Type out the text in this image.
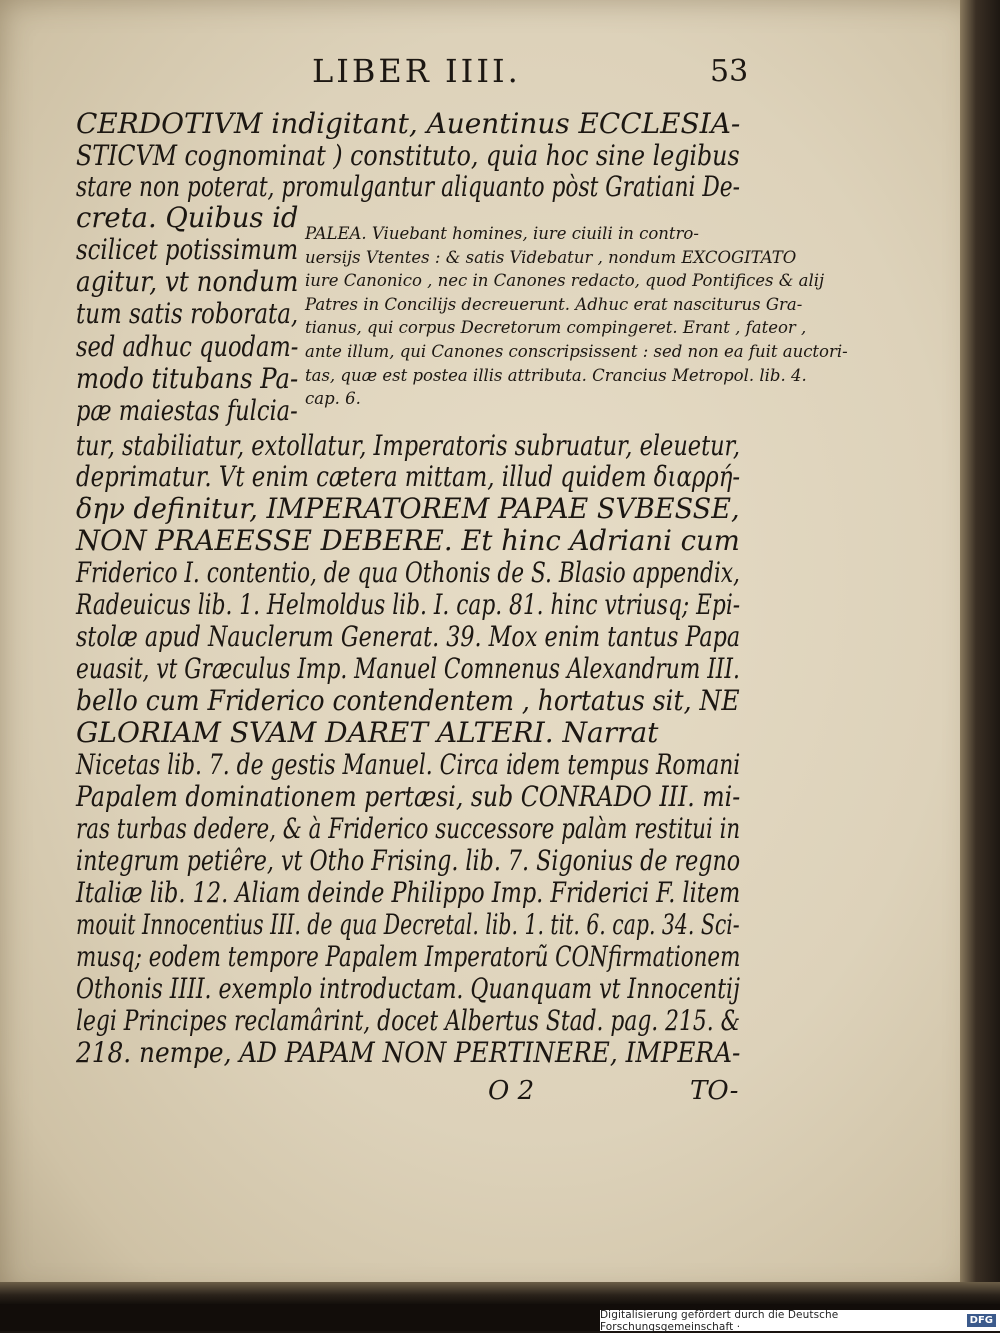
LIBER IIII.	53
CERDOTIVM indigitant, Auentinus ECCLESIA-
STICVM cognominat ) constituto, quia hoc sine legibus
stare non poterat, promulgantur aliquanto pòst Gratiani De-
creta. Quibus id
scilicet potissimum
agitur, vt nondum
tum satis roborata,
sed adhuc quodam-
modo titubans Pa-
pæ maiestas fulcia-
PALEA. Viuebant homines, iure ciuili in contro-
uersijs Vtentes : & satis Videbatur , nondum EXCOGITATO
iure Canonico , nec in Canones redacto, quod Pontifices & alij
Patres in Concilijs decreuerunt. Adhuc erat nasciturus Gra-
tianus, qui corpus Decretorum compingeret. Erant , fateor ,
ante illum, qui Canones conscripsissent : sed non ea fuit auctori-
tas, quæ est postea illis attributa. Crancius Metropol. lib. 4.
cap. 6.
tur, stabiliatur, extollatur, Imperatoris subruatur, eleuetur,
deprimatur. Vt enim cætera mittam, illud quidem διαρρή-
δην definitur, IMPERATOREM PAPAE SVBESSE,
NON PRAEESSE DEBERE. Et hinc Adriani cum
Friderico I. contentio, de qua Othonis de S. Blasio appendix,
Radeuicus lib. 1. Helmoldus lib. I. cap. 81. hinc vtriusq; Epi-
stolæ apud Nauclerum Generat. 39. Mox enim tantus Papa
euasit, vt Græculus Imp. Manuel Comnenus Alexandrum III.
bello cum Friderico contendentem , hortatus sit, NE
GLORIAM SVAM DARET ALTERI. Narrat
Nicetas lib. 7. de gestis Manuel. Circa idem tempus Romani
Papalem dominationem pertæsi, sub CONRADO III. mi-
ras turbas dedere, & à Friderico successore palàm restitui in
integrum petiêre, vt Otho Frising. lib. 7. Sigonius de regno
Italiæ lib. 12. Aliam deinde Philippo Imp. Friderici F. litem
mouit Innocentius III. de qua Decretal. lib. 1. tit. 6. cap. 34. Sci-
musq; eodem tempore Papalem Imperatorũ CONfirmationem
Othonis IIII. exemplo introductam. Quanquam vt Innocentij
legi Principes reclamârint, docet Albertus Stad. pag. 215. &
218. nempe, AD PAPAM NON PERTINERE, IMPERA-
O 2	TO-
Digitalisierung gefördert durch die Deutsche Forschungsgemeinschaft ·	DFG
